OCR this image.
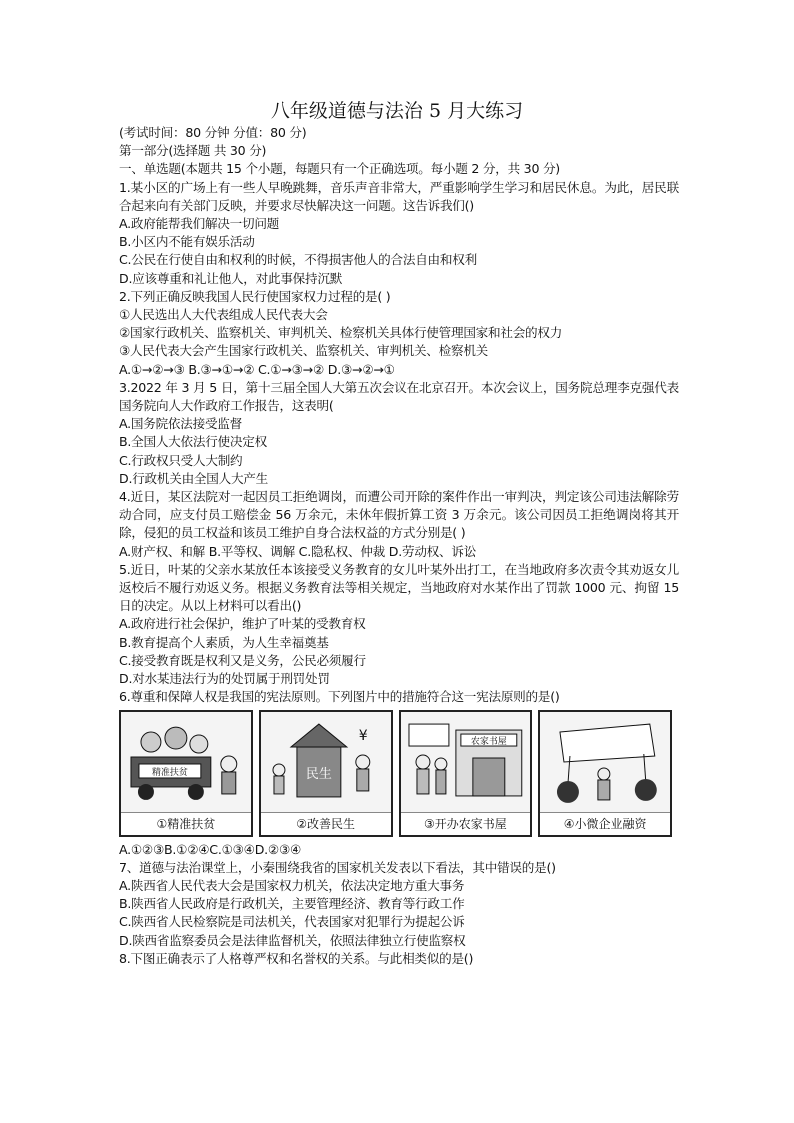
八年级道德与法治 5 月大练习
(考试时间：80 分钟 分值：80 分)
第一部分(选择题 共 30 分)
一、单选题(本题共 15 个小题，每题只有一个正确选项。每小题 2 分，共 30 分)
1.某小区的广场上有一些人早晚跳舞，音乐声音非常大，严重影响学生学习和居民休息。为此，居民联合起来向有关部门反映，并要求尽快解决这一问题。这告诉我们()
A.政府能帮我们解决一切问题
B.小区内不能有娱乐活动
C.公民在行使自由和权利的时候，不得损害他人的合法自由和权利
D.应该尊重和礼让他人，对此事保持沉默
2.下列正确反映我国人民行使国家权力过程的是( )
①人民选出人大代表组成人民代表大会
②国家行政机关、监察机关、审判机关、检察机关具体行使管理国家和社会的权力
③人民代表大会产生国家行政机关、监察机关、审判机关、检察机关
A.①→②→③ B.③→①→② C.①→③→② D.③→②→①
3.2022 年 3 月 5 日，第十三届全国人大第五次会议在北京召开。本次会议上，国务院总理李克强代表国务院向人大作政府工作报告，这表明(
A.国务院依法接受监督
B.全国人大依法行使决定权
C.行政权只受人大制约
D.行政机关由全国人大产生
4.近日，某区法院对一起因员工拒绝调岗，而遭公司开除的案件作出一审判决，判定该公司违法解除劳动合同，应支付员工赔偿金 56 万余元，未休年假折算工资 3 万余元。该公司因员工拒绝调岗将其开除，侵犯的员工权益和该员工维护自身合法权益的方式分别是( )
A.财产权、和解 B.平等权、调解 C.隐私权、仲裁 D.劳动权、诉讼
5.近日，叶某的父亲水某放任本该接受义务教育的女儿叶某外出打工，在当地政府多次责令其劝返女儿返校后不履行劝返义务。根据义务教育法等相关规定，当地政府对水某作出了罚款 1000 元、拘留 15 日的决定。从以上材料可以看出()
A.政府进行社会保护，维护了叶某的受教育权
B.教育提高个人素质，为人生幸福奠基
C.接受教育既是权利又是义务，公民必须履行
D.对水某违法行为的处罚属于刑罚处罚
6.尊重和保障人权是我国的宪法原则。下列图片中的措施符合这一宪法原则的是()
精准扶贫
①精准扶贫
民生
¥
②改善民生
农家书屋
③开办农家书屋	④小微企业融资
A.①②③B.①②④C.①③④D.②③④
7、道德与法治课堂上，小秦围绕我省的国家机关发表以下看法，其中错误的是()
A.陕西省人民代表大会是国家权力机关，依法决定地方重大事务
B.陕西省人民政府是行政机关，主要管理经济、教育等行政工作
C.陕西省人民检察院是司法机关，代表国家对犯罪行为提起公诉
D.陕西省监察委员会是法律监督机关，依照法律独立行使监察权
8.下图正确表示了人格尊严权和名誉权的关系。与此相类似的是()
